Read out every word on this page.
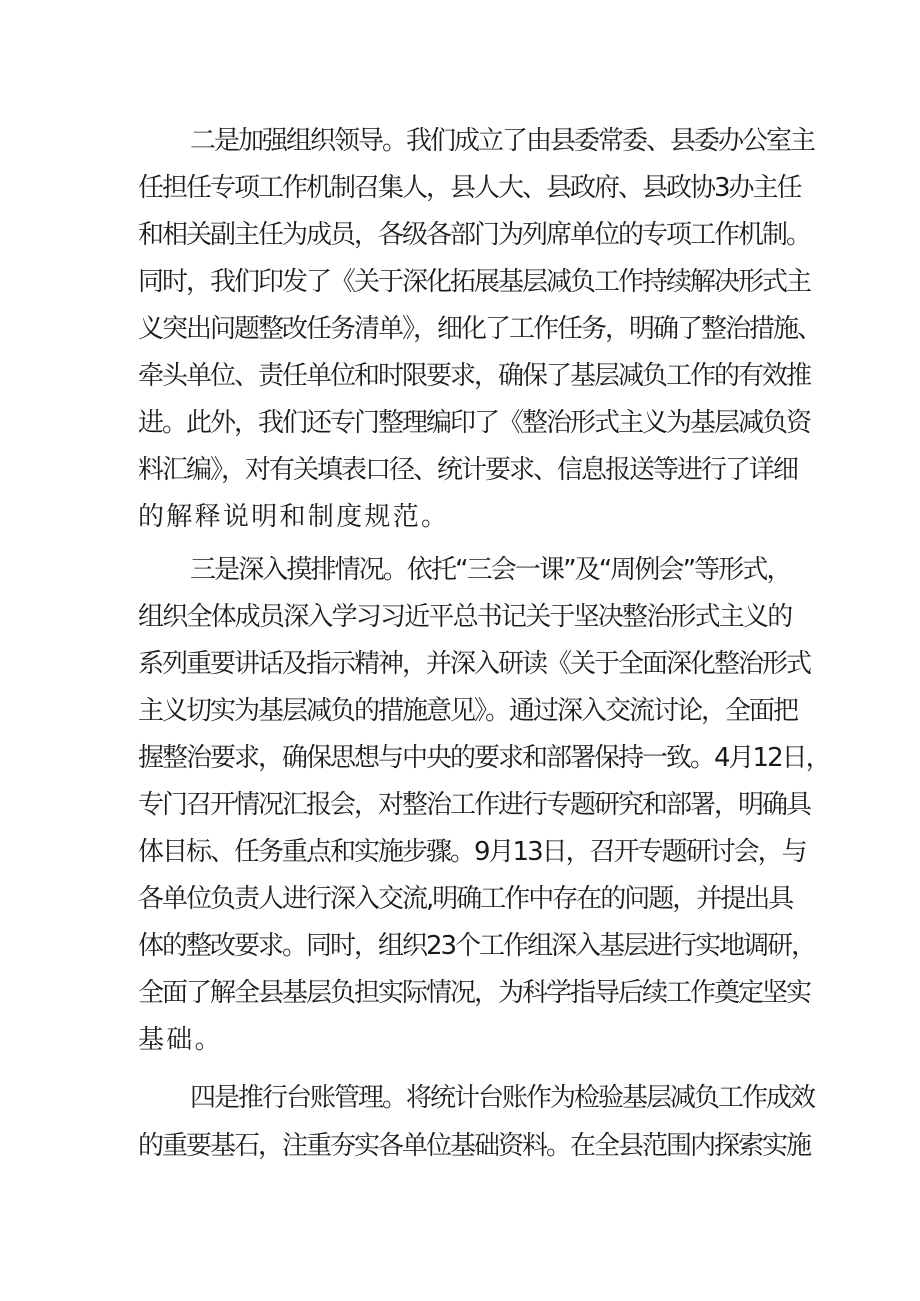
二是加强组织领导。我们成立了由县委常委、县委办公室主

任担任专项工作机制召集人，县人大、县政府、县政协3办主任

和相关副主任为成员，各级各部门为列席单位的专项工作机制。

同时，我们印发了《关于深化拓展基层减负工作持续解决形式主

义突出问题整改任务清单》，细化了工作任务，明确了整治措施、

牵头单位、责任单位和时限要求，确保了基层减负工作的有效推

进。此外，我们还专门整理编印了《整治形式主义为基层减负资

料汇编》，对有关填表口径、统计要求、信息报送等进行了详细

的解释说明和制度规范。

三是深入摸排情况。依托“三会一课”及“周例会”等形式，

组织全体成员深入学习习近平总书记关于坚决整治形式主义的

系列重要讲话及指示精神，并深入研读《关于全面深化整治形式

主义切实为基层减负的措施意见》。通过深入交流讨论，全面把

握整治要求，确保思想与中央的要求和部署保持一致。4月12日，

专门召开情况汇报会，对整治工作进行专题研究和部署，明确具

体目标、任务重点和实施步骤。9月13日，召开专题研讨会，与

各单位负责人进行深入交流,明确工作中存在的问题，并提出具

体的整改要求。同时，组织23个工作组深入基层进行实地调研，

全面了解全县基层负担实际情况，为科学指导后续工作奠定坚实

基础。

四是推行台账管理。将统计台账作为检验基层减负工作成效

的重要基石，注重夯实各单位基础资料。在全县范围内探索实施
